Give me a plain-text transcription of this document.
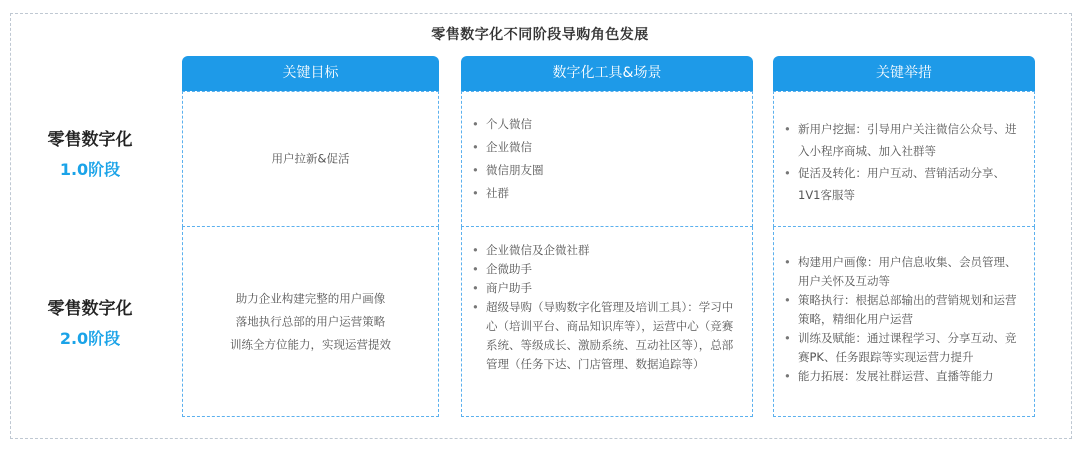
零售数字化不同阶段导购角色发展
零售数字化
1.0阶段
零售数字化
2.0阶段
关键目标
用户拉新&促活
助力企业构建完整的用户画像
落地执行总部的用户运营策略
训练全方位能力，实现运营提效
数字化工具&场景
• 个人微信
• 企业微信
• 微信朋友圈
• 社群
• 企业微信及企微社群
• 企微助手
• 商户助手
• 超级导购（导购数字化管理及培训工具）：学习中心（培训平台、商品知识库等），运营中心（竞赛系统、等级成长、激励系统、互动社区等），总部管理（任务下达、门店管理、数据追踪等）
关键举措
• 新用户挖掘：引导用户关注微信公众号、进入小程序商城、加入社群等
• 促活及转化：用户互动、营销活动分享、1V1客服等
• 构建用户画像：用户信息收集、会员管理、用户关怀及互动等
• 策略执行：根据总部输出的营销规划和运营策略，精细化用户运营
• 训练及赋能：通过课程学习、分享互动、竞赛PK、任务跟踪等实现运营力提升
• 能力拓展：发展社群运营、直播等能力
